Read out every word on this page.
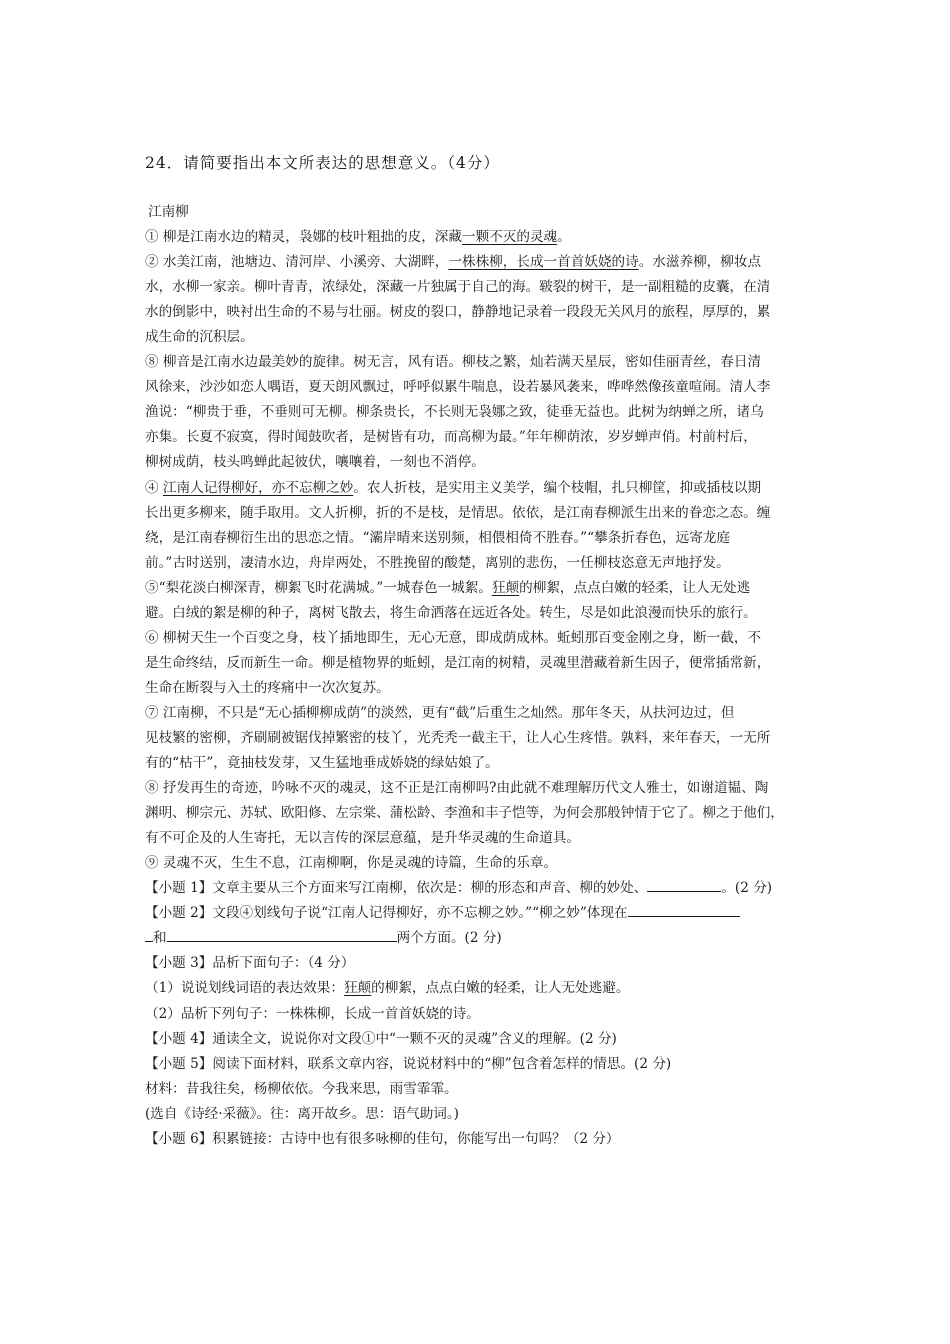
24．请简要指出本文所表达的思想意义。（4分）
江南柳
① 柳是江南水边的精灵，袅娜的枝叶粗拙的皮，深藏一颗不灭的灵魂。
② 水美江南，池塘边、清河岸、小溪旁、大湖畔，一株株柳，长成一首首妖娆的诗。水滋养柳，柳妆点
水，水柳一家亲。柳叶青青，浓绿处，深藏一片独属于自己的海。皲裂的树干，是一副粗糙的皮囊，在清
水的倒影中，映衬出生命的不易与壮丽。树皮的裂口，静静地记录着一段段无关风月的旅程，厚厚的，累
成生命的沉积层。
⑧ 柳音是江南水边最美妙的旋律。树无言，风有语。柳枝之繁，灿若满天星辰，密如佳丽青丝，春日清
风徐来，沙沙如恋人喁语，夏天朗风飘过，呼呼似累牛喘息，设若暴风袭来，哗哗然像孩童喧闹。清人李
渔说：“柳贵于垂，不垂则可无柳。柳条贵长，不长则无袅娜之致，徒垂无益也。此树为纳蝉之所，诸乌
亦集。长夏不寂寞，得时闻鼓吹者，是树皆有功，而高柳为最。”年年柳荫浓，岁岁蝉声俏。村前村后，
柳树成荫，枝头鸣蝉此起彼伏，嚷嚷着，一刻也不消停。
④ 江南人记得柳好，亦不忘柳之妙。农人折枝，是实用主义美学，编个枝帽，扎只柳筐，抑或插枝以期
长出更多柳来，随手取用。文人折柳，折的不是枝，是情思。依依，是江南春柳派生出来的眷恋之态。缠
绕，是江南春柳衍生出的思恋之情。“灞岸晴来送别频，相偎相倚不胜春。”“攀条折春色，远寄龙庭
前。”古时送别，凄清水边，舟岸两处，不胜挽留的酸楚，离别的悲伤，一任柳枝恣意无声地抒发。
⑤“梨花淡白柳深青，柳絮飞时花满城。”一城春色一城絮。狂颠的柳絮，点点白嫩的轻柔，让人无处逃
避。白绒的絮是柳的种子，离树飞散去，将生命洒落在远近各处。转生，尽是如此浪漫而快乐的旅行。
⑥ 柳树天生一个百变之身，枝丫插地即生，无心无意，即成荫成林。蚯蚓那百变金刚之身，断一截，不
是生命终结，反而新生一命。柳是植物界的蚯蚓，是江南的树精，灵魂里潜藏着新生因子，便常插常新，
生命在断裂与入土的疼痛中一次次复苏。
⑦ 江南柳，不只是“无心插柳柳成荫”的淡然，更有“截”后重生之灿然。那年冬天，从扶河边过，但
见枝繁的密柳，齐刷刷被锯伐掉繁密的枝丫，光秃秃一截主干，让人心生疼惜。孰料，来年春天，一无所
有的“枯干”，竟抽枝发芽，又生猛地垂成娇娆的绿姑娘了。
⑧ 抒发再生的奇迹，吟咏不灭的魂灵，这不正是江南柳吗?由此就不难理解历代文人雅士，如谢道韫、陶
渊明、柳宗元、苏轼、欧阳修、左宗棠、蒲松龄、李渔和丰子恺等，为何会那般钟情于它了。柳之于他们，
有不可企及的人生寄托，无以言传的深层意蕴，是升华灵魂的生命道具。
⑨ 灵魂不灭，生生不息，江南柳啊，你是灵魂的诗篇，生命的乐章。
【小题 1】文章主要从三个方面来写江南柳，依次是：柳的形态和声音、柳的妙处、	。(2 分)
【小题 2】文段④划线句子说“江南人记得柳好，亦不忘柳之妙。”“柳之妙”体现在
和	两个方面。(2 分)
【小题 3】品析下面句子：（4 分）
（1）说说划线词语的表达效果：狂颠的柳絮，点点白嫩的轻柔，让人无处逃避。
（2）品析下列句子：一株株柳，长成一首首妖娆的诗。
【小题 4】通读全文，说说你对文段①中“一颗不灭的灵魂”含义的理解。(2 分)
【小题 5】阅读下面材料，联系文章内容，说说材料中的“柳”包含着怎样的情思。(2 分)
材料：昔我往矣，杨柳依依。今我来思，雨雪霏霏。
(选自《诗经·采薇》。往：离开故乡。思：语气助词。)
【小题 6】积累链接：古诗中也有很多咏柳的佳句，你能写出一句吗？（2 分）
